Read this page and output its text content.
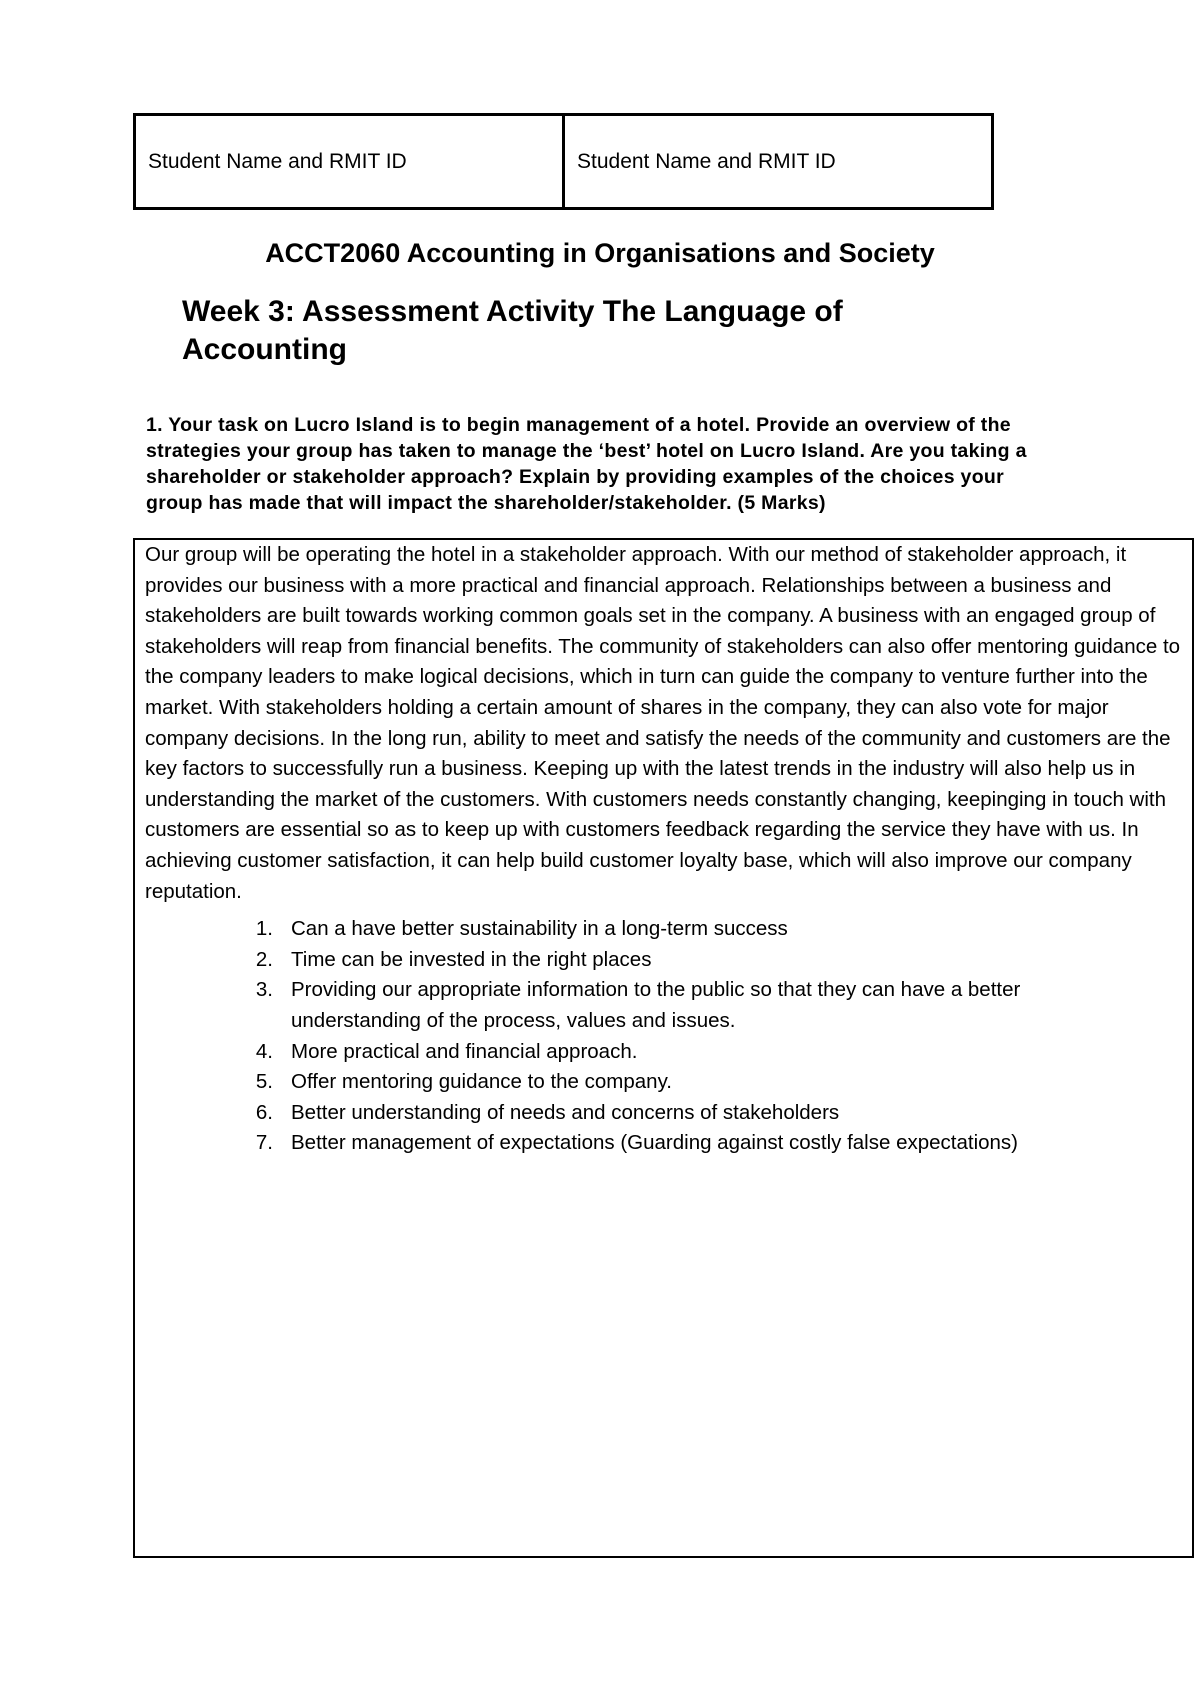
Student Name and RMIT ID	Student Name and RMIT ID
ACCT2060 Accounting in Organisations and Society
Week 3: Assessment Activity The Language of Accounting

1. Your task on Lucro Island is to begin management of a hotel. Provide an overview of the strategies your group has taken to manage the ‘best’ hotel on Lucro Island. Are you taking a shareholder or stakeholder approach? Explain by providing examples of the choices your group has made that will impact the shareholder/stakeholder. (5 Marks)

Our group will be operating the hotel in a stakeholder approach. With our method of stakeholder approach, it provides our business with a more practical and financial approach. Relationships between a business and stakeholders are built towards working common goals set in the company. A business with an engaged group of stakeholders will reap from financial benefits. The community of stakeholders can also offer mentoring guidance to the company leaders to make logical decisions, which in turn can guide the company to venture further into the market. With stakeholders holding a certain amount of shares in the company, they can also vote for major company decisions. In the long run, ability to meet and satisfy the needs of the community and customers are the key factors to successfully run a business. Keeping up with the latest trends in the industry will also help us in understanding the market of the customers. With customers needs constantly changing, keepinging in touch with customers are essential so as to keep up with customers feedback regarding the service they have with us. In achieving customer satisfaction, it can help build customer loyalty base, which will also improve our company reputation.

1. Can a have better sustainability in a long-term success
2. Time can be invested in the right places
3. Providing our appropriate information to the public so that they can have a better understanding of the process, values and issues.
4. More practical and financial approach.
5. Offer mentoring guidance to the company.
6. Better understanding of needs and concerns of stakeholders
7. Better management of expectations (Guarding against costly false expectations)
